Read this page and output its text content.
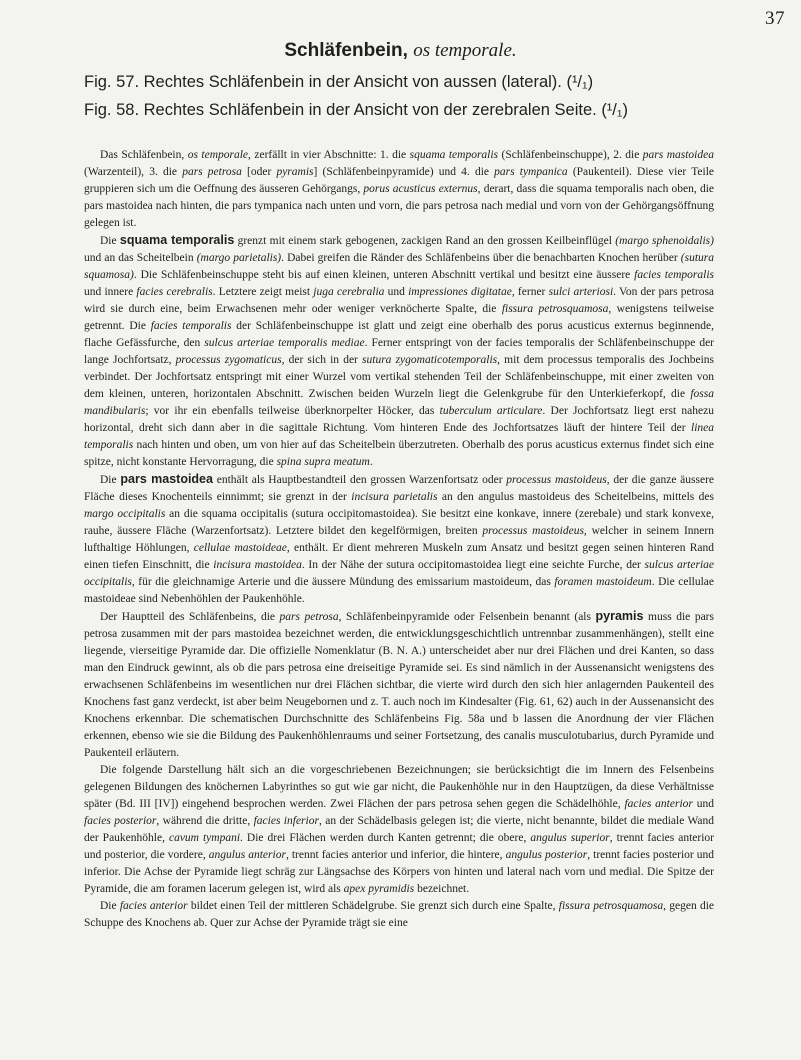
37
Schläfenbein, os temporale.
Fig. 57. Rechtes Schläfenbein in der Ansicht von aussen (lateral). (¹/₁)
Fig. 58. Rechtes Schläfenbein in der Ansicht von der zerebralen Seite. (¹/₁)

Das Schläfenbein, os temporale, zerfällt in vier Abschnitte: 1. die squama temporalis (Schläfenbeinschuppe), 2. die pars mastoidea (Warzenteil), 3. die pars petrosa [oder pyramis] (Schläfenbeinpyramide) und 4. die pars tympanica (Paukenteil). Diese vier Teile gruppieren sich um die Oeffnung des äusseren Gehörgangs, porus acusticus externus, derart, dass die squama temporalis nach oben, die pars mastoidea nach hinten, die pars tympanica nach unten und vorn, die pars petrosa nach medial und vorn von der Gehörgangsöffnung gelegen ist.

Die squama temporalis grenzt mit einem stark gebogenen, zackigen Rand an den grossen Keilbeinflügel (margo sphenoidalis) und an das Scheitelbein (margo parietalis). Dabei greifen die Ränder des Schläfenbeins über die benachbarten Knochen herüber (sutura squamosa). Die Schläfenbeinschuppe steht bis auf einen kleinen, unteren Abschnitt vertikal und besitzt eine äussere facies temporalis und innere facies cerebralis. Letztere zeigt meist juga cerebralia und impressiones digitatae, ferner sulci arteriosi. Von der pars petrosa wird sie durch eine, beim Erwachsenen mehr oder weniger verknöcherte Spalte, die fissura petrosquamosa, wenigstens teilweise getrennt. Die facies temporalis der Schläfenbeinschuppe ist glatt und zeigt eine oberhalb des porus acusticus externus beginnende, flache Gefässfurche, den sulcus arteriae temporalis mediae. Ferner entspringt von der facies temporalis der Schläfenbeinschuppe der lange Jochfortsatz, processus zygomaticus, der sich in der sutura zygomaticotemporalis, mit dem processus temporalis des Jochbeins verbindet. Der Jochfortsatz entspringt mit einer Wurzel vom vertikal stehenden Teil der Schläfenbeinschuppe, mit einer zweiten von dem kleinen, unteren, horizontalen Abschnitt. Zwischen beiden Wurzeln liegt die Gelenkgrube für den Unterkieferkopf, die fossa mandibularis; vor ihr ein ebenfalls teilweise überknorpelter Höcker, das tuberculum articulare. Der Jochfortsatz liegt erst nahezu horizontal, dreht sich dann aber in die sagittale Richtung. Vom hinteren Ende des Jochfortsatzes läuft der hintere Teil der linea temporalis nach hinten und oben, um von hier auf das Scheitelbein überzutreten. Oberhalb des porus acusticus externus findet sich eine spitze, nicht konstante Hervorragung, die spina supra meatum.

Die pars mastoidea enthält als Hauptbestandteil den grossen Warzenfortsatz oder processus mastoideus, der die ganze äussere Fläche dieses Knochenteils einnimmt; sie grenzt in der incisura parietalis an den angulus mastoideus des Scheitelbeins, mittels des margo occipitalis an die squama occipitalis (sutura occipitomastoidea). Sie besitzt eine konkave, innere (zerebale) und stark konvexe, rauhe, äussere Fläche (Warzenfortsatz). Letztere bildet den kegelförmigen, breiten processus mastoideus, welcher in seinem Innern lufthaltige Höhlungen, cellulae mastoideae, enthält. Er dient mehreren Muskeln zum Ansatz und besitzt gegen seinen hinteren Rand einen tiefen Einschnitt, die incisura mastoidea. In der Nähe der sutura occipitomastoidea liegt eine seichte Furche, der sulcus arteriae occipitalis, für die gleichnamige Arterie und die äussere Mündung des emissarium mastoideum, das foramen mastoideum. Die cellulae mastoideae sind Nebenhöhlen der Paukenhöhle.

Der Hauptteil des Schläfenbeins, die pars petrosa, Schläfenbeinpyramide oder Felsenbein benannt (als pyramis muss die pars petrosa zusammen mit der pars mastoidea bezeichnet werden, die entwicklungsgeschichtlich untrennbar zusammenhängen), stellt eine liegende, vierseitige Pyramide dar. Die offizielle Nomenklatur (B. N. A.) unterscheidet aber nur drei Flächen und drei Kanten, so dass man den Eindruck gewinnt, als ob die pars petrosa eine dreiseitige Pyramide sei. Es sind nämlich in der Aussenansicht wenigstens des erwachsenen Schläfenbeins im wesentlichen nur drei Flächen sichtbar, die vierte wird durch den sich hier anlagernden Paukenteil des Knochens fast ganz verdeckt, ist aber beim Neugebornen und z. T. auch noch im Kindesalter (Fig. 61, 62) auch in der Aussenansicht des Knochens erkennbar. Die schematischen Durchschnitte des Schläfenbeins Fig. 58a und b lassen die Anordnung der vier Flächen erkennen, ebenso wie sie die Bildung des Paukenhöhlenraums und seiner Fortsetzung, des canalis musculotubarius, durch Pyramide und Paukenteil erläutern.

Die folgende Darstellung hält sich an die vorgeschriebenen Bezeichnungen; sie berücksichtigt die im Innern des Felsenbeins gelegenen Bildungen des knöchernen Labyrinthes so gut wie gar nicht, die Paukenhöhle nur in den Hauptzügen, da diese Verhältnisse später (Bd. III [IV]) eingehend besprochen werden. Zwei Flächen der pars petrosa sehen gegen die Schädelhöhle, facies anterior und facies posterior, während die dritte, facies inferior, an der Schädelbasis gelegen ist; die vierte, nicht benannte, bildet die mediale Wand der Paukenhöhle, cavum tympani. Die drei Flächen werden durch Kanten getrennt; die obere, angulus superior, trennt facies anterior und posterior, die vordere, angulus anterior, trennt facies anterior und inferior, die hintere, angulus posterior, trennt facies posterior und inferior. Die Achse der Pyramide liegt schräg zur Längsachse des Körpers von hinten und lateral nach vorn und medial. Die Spitze der Pyramide, die am foramen lacerum gelegen ist, wird als apex pyramidis bezeichnet.

Die facies anterior bildet einen Teil der mittleren Schädelgrube. Sie grenzt sich durch eine Spalte, fissura petrosquamosa, gegen die Schuppe des Knochens ab. Quer zur Achse der Pyramide trägt sie eine
